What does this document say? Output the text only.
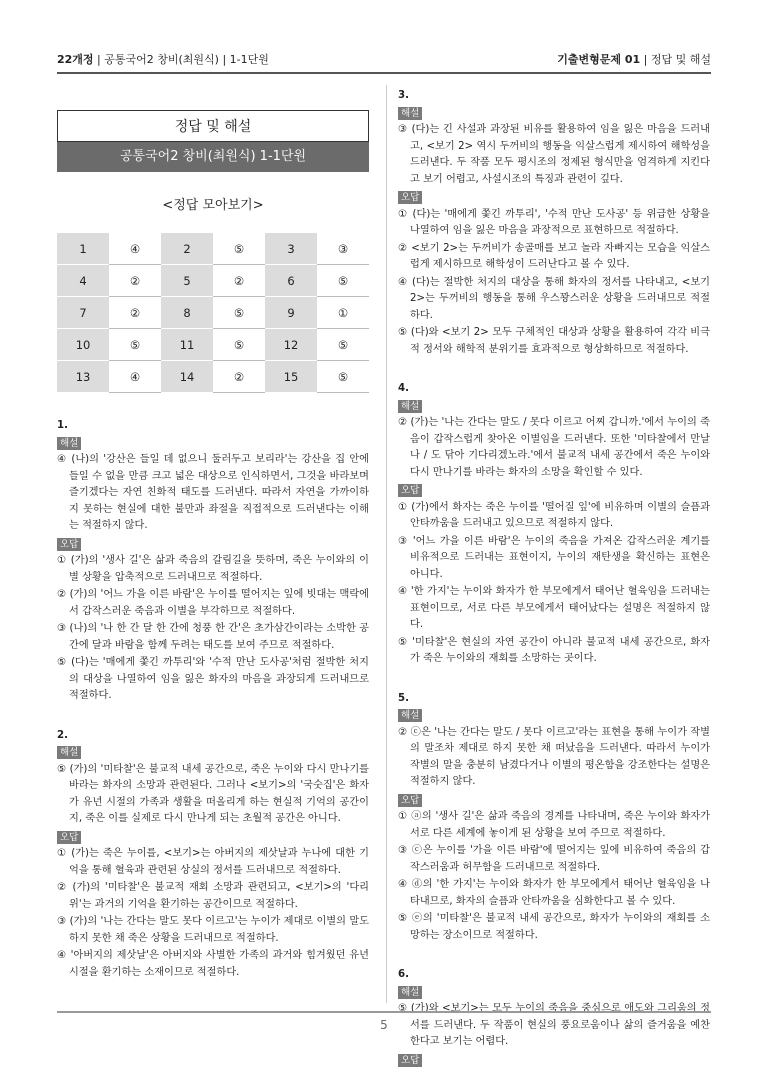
22개정 | 공통국어2 창비(최원식) | 1-1단원	기출변형문제 01 | 정답 및 해설
정답 및 해설
공통국어2 창비(최원식) 1-1단원
<정답 모아보기>
1	④	2	⑤	3	③
4	②	5	②	6	⑤
7	②	8	⑤	9	①
10	⑤	11	⑤	12	⑤
13	④	14	②	15	⑤

1.

해설

④ (나)의 '강산은 들일 데 없으니 둘러두고 보리라'는 강산을 집 안에 들일 수 없을 만큼 크고 넓은 대상으로 인식하면서, 그것을 바라보며 즐기겠다는 자연 친화적 태도를 드러낸다. 따라서 자연을 가까이하지 못하는 현실에 대한 불만과 좌절을 직접적으로 드러낸다는 이해는 적절하지 않다.

오답

① (가)의 '생사 길'은 삶과 죽음의 갈림길을 뜻하며, 죽은 누이와의 이별 상황을 압축적으로 드러내므로 적절하다.

② (가)의 '어느 가을 이른 바람'은 누이를 떨어지는 잎에 빗대는 맥락에서 갑작스러운 죽음과 이별을 부각하므로 적절하다.

③ (나)의 '나 한 간 달 한 간에 청풍 한 간'은 초가삼간이라는 소박한 공간에 달과 바람을 함께 두려는 태도를 보여 주므로 적절하다.

⑤ (다)는 '매에게 쫓긴 까투리'와 '수적 만난 도사공'처럼 절박한 처지의 대상을 나열하여 임을 잃은 화자의 마음을 과장되게 드러내므로 적절하다.

2.

해설

⑤ (가)의 '미타찰'은 불교적 내세 공간으로, 죽은 누이와 다시 만나기를 바라는 화자의 소망과 관련된다. 그러나 <보기>의 '국숫집'은 화자가 유년 시절의 가족과 생활을 떠올리게 하는 현실적 기억의 공간이지, 죽은 이를 실제로 다시 만나게 되는 초월적 공간은 아니다.

오답

① (가)는 죽은 누이를, <보기>는 아버지의 제삿날과 누나에 대한 기억을 통해 혈육과 관련된 상실의 정서를 드러내므로 적절하다.

② (가)의 '미타찰'은 불교적 재회 소망과 관련되고, <보기>의 '다리 위'는 과거의 기억을 환기하는 공간이므로 적절하다.

③ (가)의 '나는 간다는 말도 못다 이르고'는 누이가 제대로 이별의 말도 하지 못한 채 죽은 상황을 드러내므로 적절하다.

④ '아버지의 제삿날'은 아버지와 사별한 가족의 과거와 힘겨웠던 유년 시절을 환기하는 소재이므로 적절하다.

3.

해설

③ (다)는 긴 사설과 과장된 비유를 활용하여 임을 잃은 마음을 드러내고, <보기 2> 역시 두꺼비의 행동을 익살스럽게 제시하여 해학성을 드러낸다. 두 작품 모두 평시조의 정제된 형식만을 엄격하게 지킨다고 보기 어렵고, 사설시조의 특징과 관련이 깊다.

오답

① (다)는 '매에게 쫓긴 까투리', '수적 만난 도사공' 등 위급한 상황을 나열하여 임을 잃은 마음을 과장적으로 표현하므로 적절하다.

② <보기 2>는 두꺼비가 송골매를 보고 놀라 자빠지는 모습을 익살스럽게 제시하므로 해학성이 드러난다고 볼 수 있다.

④ (다)는 절박한 처지의 대상을 통해 화자의 정서를 나타내고, <보기 2>는 두꺼비의 행동을 통해 우스꽝스러운 상황을 드러내므로 적절하다.

⑤ (다)와 <보기 2> 모두 구체적인 대상과 상황을 활용하여 각각 비극적 정서와 해학적 분위기를 효과적으로 형상화하므로 적절하다.

4.

해설

② (가)는 '나는 간다는 말도 / 못다 이르고 어찌 갑니까.'에서 누이의 죽음이 갑작스럽게 찾아온 이별임을 드러낸다. 또한 '미타찰에서 만날 나 / 도 닦아 기다리겠노라.'에서 불교적 내세 공간에서 죽은 누이와 다시 만나기를 바라는 화자의 소망을 확인할 수 있다.

오답

① (가)에서 화자는 죽은 누이를 '떨어질 잎'에 비유하며 이별의 슬픔과 안타까움을 드러내고 있으므로 적절하지 않다.

③ '어느 가을 이른 바람'은 누이의 죽음을 가져온 갑작스러운 계기를 비유적으로 드러내는 표현이지, 누이의 재탄생을 확신하는 표현은 아니다.

④ '한 가지'는 누이와 화자가 한 부모에게서 태어난 혈육임을 드러내는 표현이므로, 서로 다른 부모에게서 태어났다는 설명은 적절하지 않다.

⑤ '미타찰'은 현실의 자연 공간이 아니라 불교적 내세 공간으로, 화자가 죽은 누이와의 재회를 소망하는 곳이다.

5.

해설

② ⓒ은 '나는 간다는 말도 / 못다 이르고'라는 표현을 통해 누이가 작별의 말조차 제대로 하지 못한 채 떠났음을 드러낸다. 따라서 누이가 작별의 말을 충분히 남겼다거나 이별의 평온함을 강조한다는 설명은 적절하지 않다.

오답

① ⓐ의 '생사 길'은 삶과 죽음의 경계를 나타내며, 죽은 누이와 화자가 서로 다른 세계에 놓이게 된 상황을 보여 주므로 적절하다.

③ ⓒ은 누이를 '가을 이른 바람'에 떨어지는 잎에 비유하여 죽음의 갑작스러움과 허무함을 드러내므로 적절하다.

④ ⓓ의 '한 가지'는 누이와 화자가 한 부모에게서 태어난 혈육임을 나타내므로, 화자의 슬픔과 안타까움을 심화한다고 볼 수 있다.

⑤ ⓔ의 '미타찰'은 불교적 내세 공간으로, 화자가 누이와의 재회를 소망하는 장소이므로 적절하다.

6.

해설

⑤ (가)와 <보기>는 모두 누이의 죽음을 중심으로 애도와 그리움의 정서를 드러낸다. 두 작품이 현실의 풍요로움이나 삶의 즐거움을 예찬한다고 보기는 어렵다.

오답
5
